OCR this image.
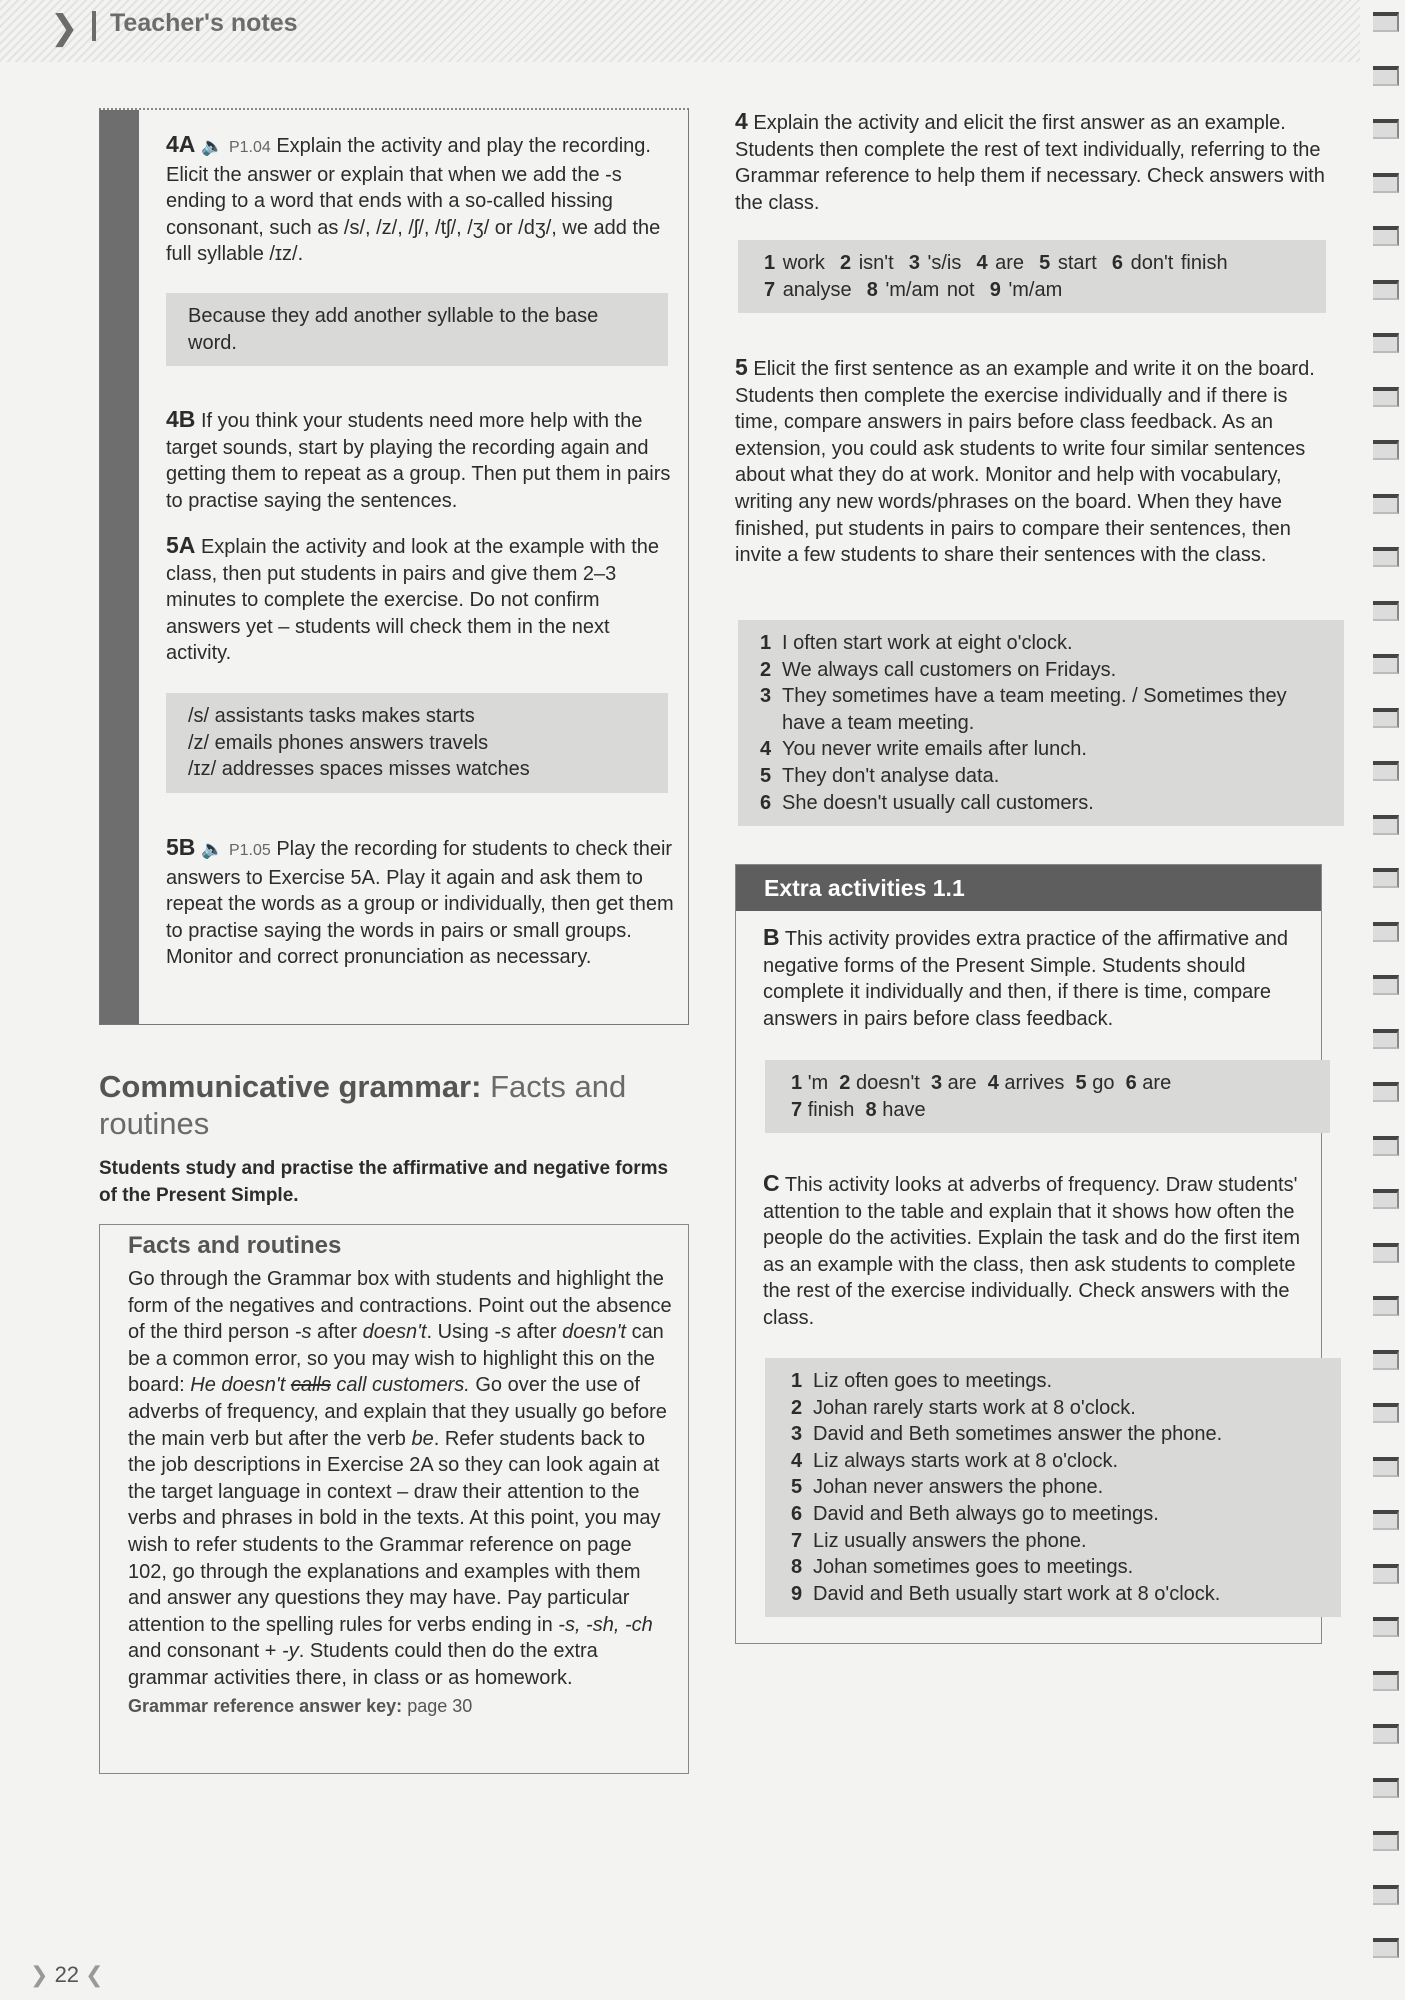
❯ Teacher's notes

4A 🔈 P1.04 Explain the activity and play the recording. Elicit the answer or explain that when we add the -s ending to a word that ends with a so-called hissing consonant, such as /s/, /z/, /ʃ/, /tʃ/, /ʒ/ or /dʒ/, we add the full syllable /ɪz/.

Because they add another syllable to the base word.

4B If you think your students need more help with the target sounds, start by playing the recording again and getting them to repeat as a group. Then put them in pairs to practise saying the sentences.

5A Explain the activity and look at the example with the class, then put students in pairs and give them 2–3 minutes to complete the exercise. Do not confirm answers yet – students will check them in the next activity.

/s/ assistants tasks makes starts
/z/ emails phones answers travels
/ɪz/ addresses spaces misses watches

5B 🔈 P1.05 Play the recording for students to check their answers to Exercise 5A. Play it again and ask them to repeat the words as a group or individually, then get them to practise saying the words in pairs or small groups. Monitor and correct pronunciation as necessary.

Communicative grammar: Facts and routines
Students study and practise the affirmative and negative forms of the Present Simple.
Facts and routines

Go through the Grammar box with students and highlight the form of the negatives and contractions. Point out the absence of the third person -s after doesn't. Using -s after doesn't can be a common error, so you may wish to highlight this on the board: He doesn't calls call customers. Go over the use of adverbs of frequency, and explain that they usually go before the main verb but after the verb be. Refer students back to the job descriptions in Exercise 2A so they can look again at the target language in context – draw their attention to the verbs and phrases in bold in the texts. At this point, you may wish to refer students to the Grammar reference on page 102, go through the explanations and examples with them and answer any questions they may have. Pay particular attention to the spelling rules for verbs ending in -s, -sh, -ch and consonant + -y. Students could then do the extra grammar activities there, in class or as homework.

Grammar reference answer key: page 30

4 Explain the activity and elicit the first answer as an example. Students then complete the rest of text individually, referring to the Grammar reference to help them if necessary. Check answers with the class.

1 work 2 isn't 3 's/is 4 are 5 start 6 don't finish
7 analyse 8 'm/am not 9 'm/am

5 Elicit the first sentence as an example and write it on the board. Students then complete the exercise individually and if there is time, compare answers in pairs before class feedback. As an extension, you could ask students to write four similar sentences about what they do at work. Monitor and help with vocabulary, writing any new words/phrases on the board. When they have finished, put students in pairs to compare their sentences, then invite a few students to share their sentences with the class.

1 I often start work at eight o'clock.
2 We always call customers on Fridays.
3 They sometimes have a team meeting. / Sometimes they have a team meeting.
4 You never write emails after lunch.
5 They don't analyse data.
6 She doesn't usually call customers.
Extra activities 1.1

B This activity provides extra practice of the affirmative and negative forms of the Present Simple. Students should complete it individually and then, if there is time, compare answers in pairs before class feedback.

1 'm 2 doesn't 3 are 4 arrives 5 go 6 are
7 finish 8 have

C This activity looks at adverbs of frequency. Draw students' attention to the table and explain that it shows how often the people do the activities. Explain the task and do the first item as an example with the class, then ask students to complete the rest of the exercise individually. Check answers with the class.

1 Liz often goes to meetings.
2 Johan rarely starts work at 8 o'clock.
3 David and Beth sometimes answer the phone.
4 Liz always starts work at 8 o'clock.
5 Johan never answers the phone.
6 David and Beth always go to meetings.
7 Liz usually answers the phone.
8 Johan sometimes goes to meetings.
9 David and Beth usually start work at 8 o'clock.
❯ 22 ❮
